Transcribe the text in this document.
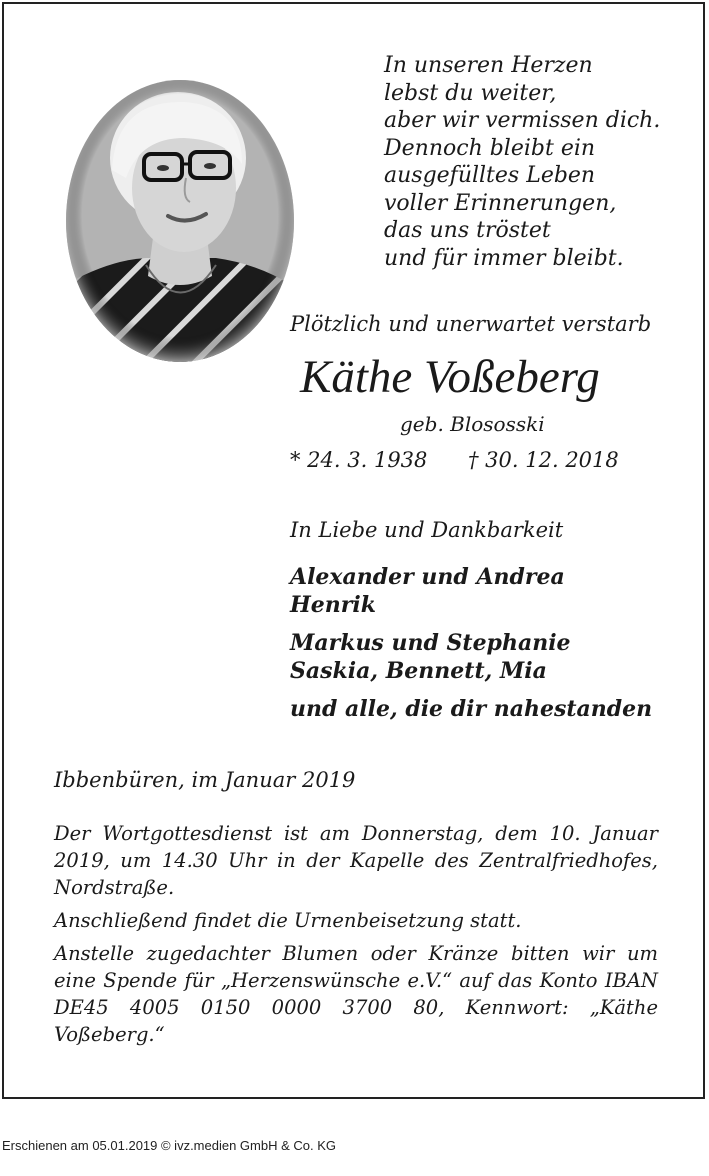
In unseren Herzen
lebst du weiter,
aber wir vermissen dich.
Dennoch bleibt ein
ausgefülltes Leben
voller Erinnerungen,
das uns tröstet
und für immer bleibt.
Plötzlich und unerwartet verstarb
Käthe Voßeberg
geb. Blososski
* 24. 3. 1938 † 30. 12. 2018
In Liebe und Dankbarkeit
Alexander und Andrea
Henrik
Markus und Stephanie
Saskia, Bennett, Mia
und alle, die dir nahestanden
Ibbenbüren, im Januar 2019

Der Wortgottesdienst ist am Donnerstag, dem 10. Januar 2019, um 14.30 Uhr in der Kapelle des Zentralfriedhofes, Nordstraße.

Anschließend findet die Urnenbeisetzung statt.

Anstelle zugedachter Blumen oder Kränze bitten wir um eine Spende für „Herzenswünsche e.V.“ auf das Konto IBAN DE45 4005 0150 0000 3700 80, Kennwort: „Käthe Voßeberg.“

Erschienen am 05.01.2019 © ivz.medien GmbH & Co. KG
